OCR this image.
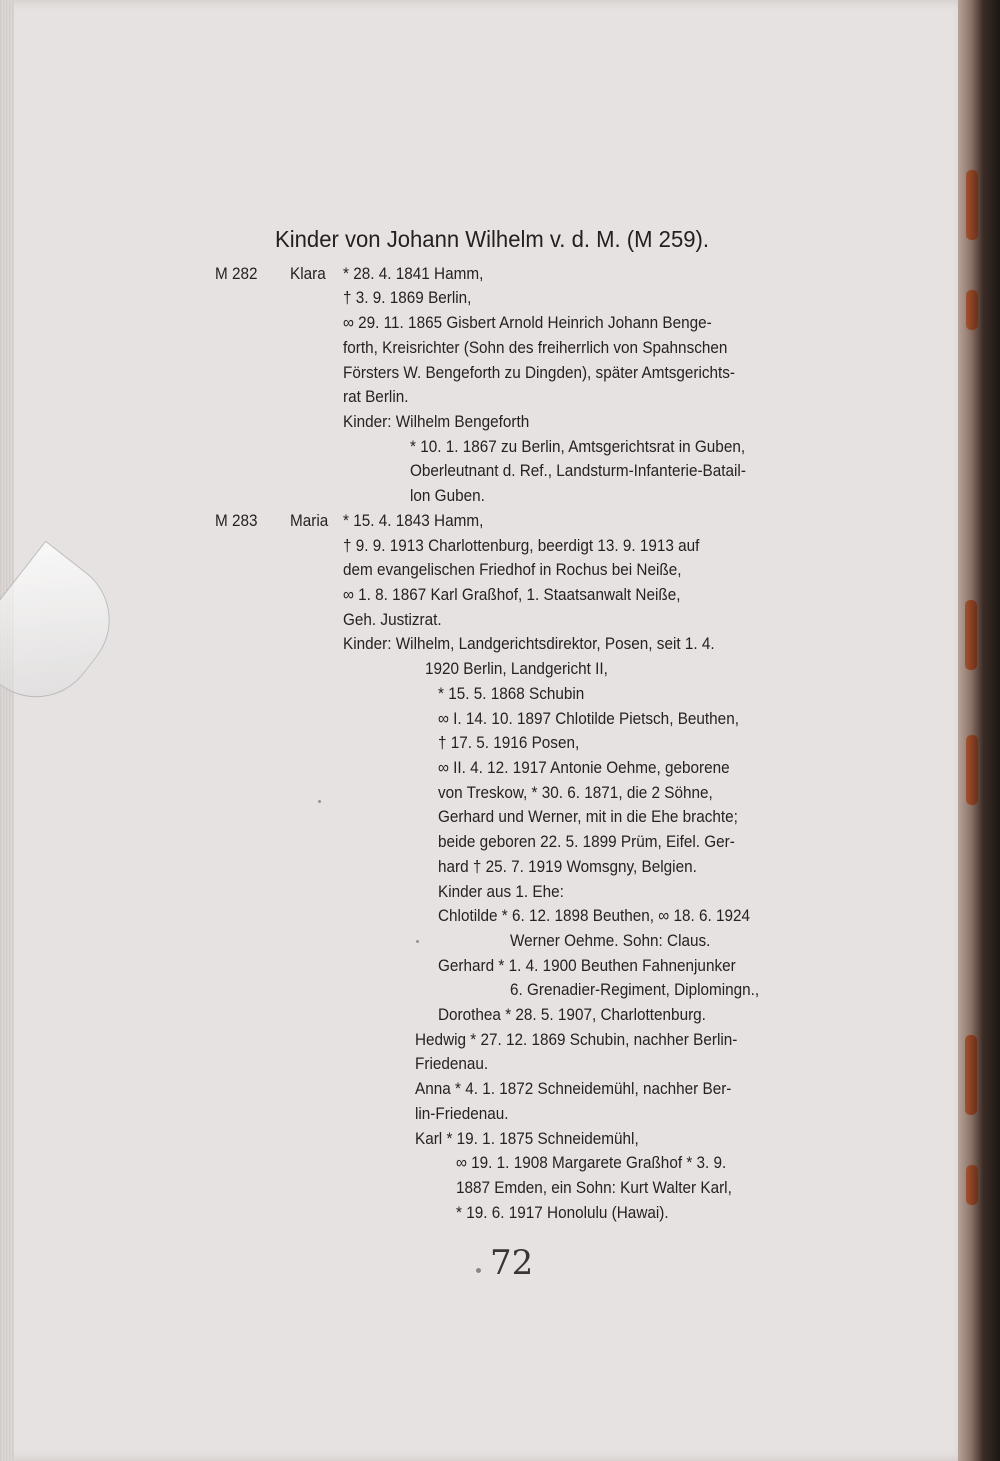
Kinder von Johann Wilhelm v. d. M. (M 259).
M 282 Klara * 28. 4. 1841 Hamm,
† 3. 9. 1869 Berlin,
∞ 29. 11. 1865 Gisbert Arnold Heinrich Johann Benge-
forth, Kreisrichter (Sohn des freiherrlich von Spahnschen
Försters W. Bengeforth zu Dingden), später Amtsgerichts-
rat Berlin.
Kinder: Wilhelm Bengeforth
* 10. 1. 1867 zu Berlin, Amtsgerichtsrat in Guben,
Oberleutnant d. Ref., Landsturm-Infanterie-Batail-
lon Guben.
M 283 Maria * 15. 4. 1843 Hamm,
† 9. 9. 1913 Charlottenburg, beerdigt 13. 9. 1913 auf
dem evangelischen Friedhof in Rochus bei Neiße,
∞ 1. 8. 1867 Karl Graßhof, 1. Staatsanwalt Neiße,
Geh. Justizrat.
Kinder: Wilhelm, Landgerichtsdirektor, Posen, seit 1. 4.
1920 Berlin, Landgericht II,
* 15. 5. 1868 Schubin
∞ I. 14. 10. 1897 Chlotilde Pietsch, Beuthen,
† 17. 5. 1916 Posen,
∞ II. 4. 12. 1917 Antonie Oehme, geborene
von Treskow, * 30. 6. 1871, die 2 Söhne,
Gerhard und Werner, mit in die Ehe brachte;
beide geboren 22. 5. 1899 Prüm, Eifel. Ger-
hard † 25. 7. 1919 Womsgny, Belgien.
Kinder aus 1. Ehe:
Chlotilde * 6. 12. 1898 Beuthen, ∞ 18. 6. 1924
Werner Oehme. Sohn: Claus.
Gerhard * 1. 4. 1900 Beuthen Fahnenjunker
6. Grenadier-Regiment, Diplomingn.,
Dorothea * 28. 5. 1907, Charlottenburg.
Hedwig * 27. 12. 1869 Schubin, nachher Berlin-
Friedenau.
Anna * 4. 1. 1872 Schneidemühl, nachher Ber-
lin-Friedenau.
Karl * 19. 1. 1875 Schneidemühl,
∞ 19. 1. 1908 Margarete Graßhof * 3. 9.
1887 Emden, ein Sohn: Kurt Walter Karl,
* 19. 6. 1917 Honolulu (Hawai).
72
